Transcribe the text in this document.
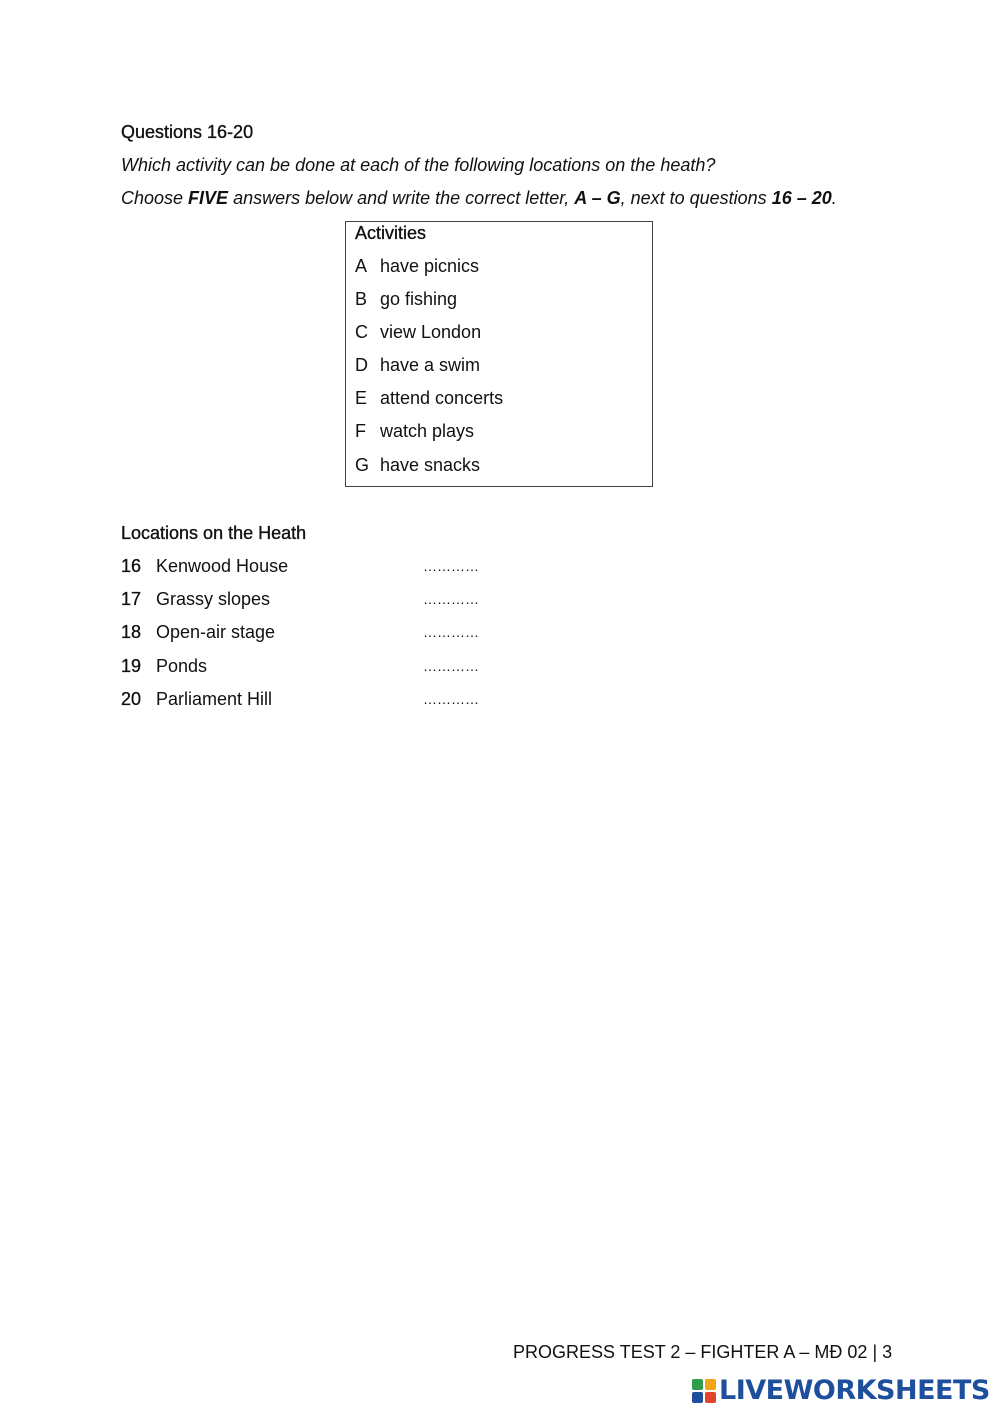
Questions 16-20
Which activity can be done at each of the following locations on the heath?
Choose FIVE answers below and write the correct letter, A – G, next to questions 16 – 20.
Activities
A have picnics
B go fishing
C view London
D have a swim
E attend concerts
F watch plays
G have snacks
Locations on the Heath
16 Kenwood House	…………
17 Grassy slopes	…………
18 Open-air stage	…………
19 Ponds	…………
20 Parliament Hill	…………
PROGRESS TEST 2 – FIGHTER A – MĐ 02 | 3
LIVEWORKSHEETS
